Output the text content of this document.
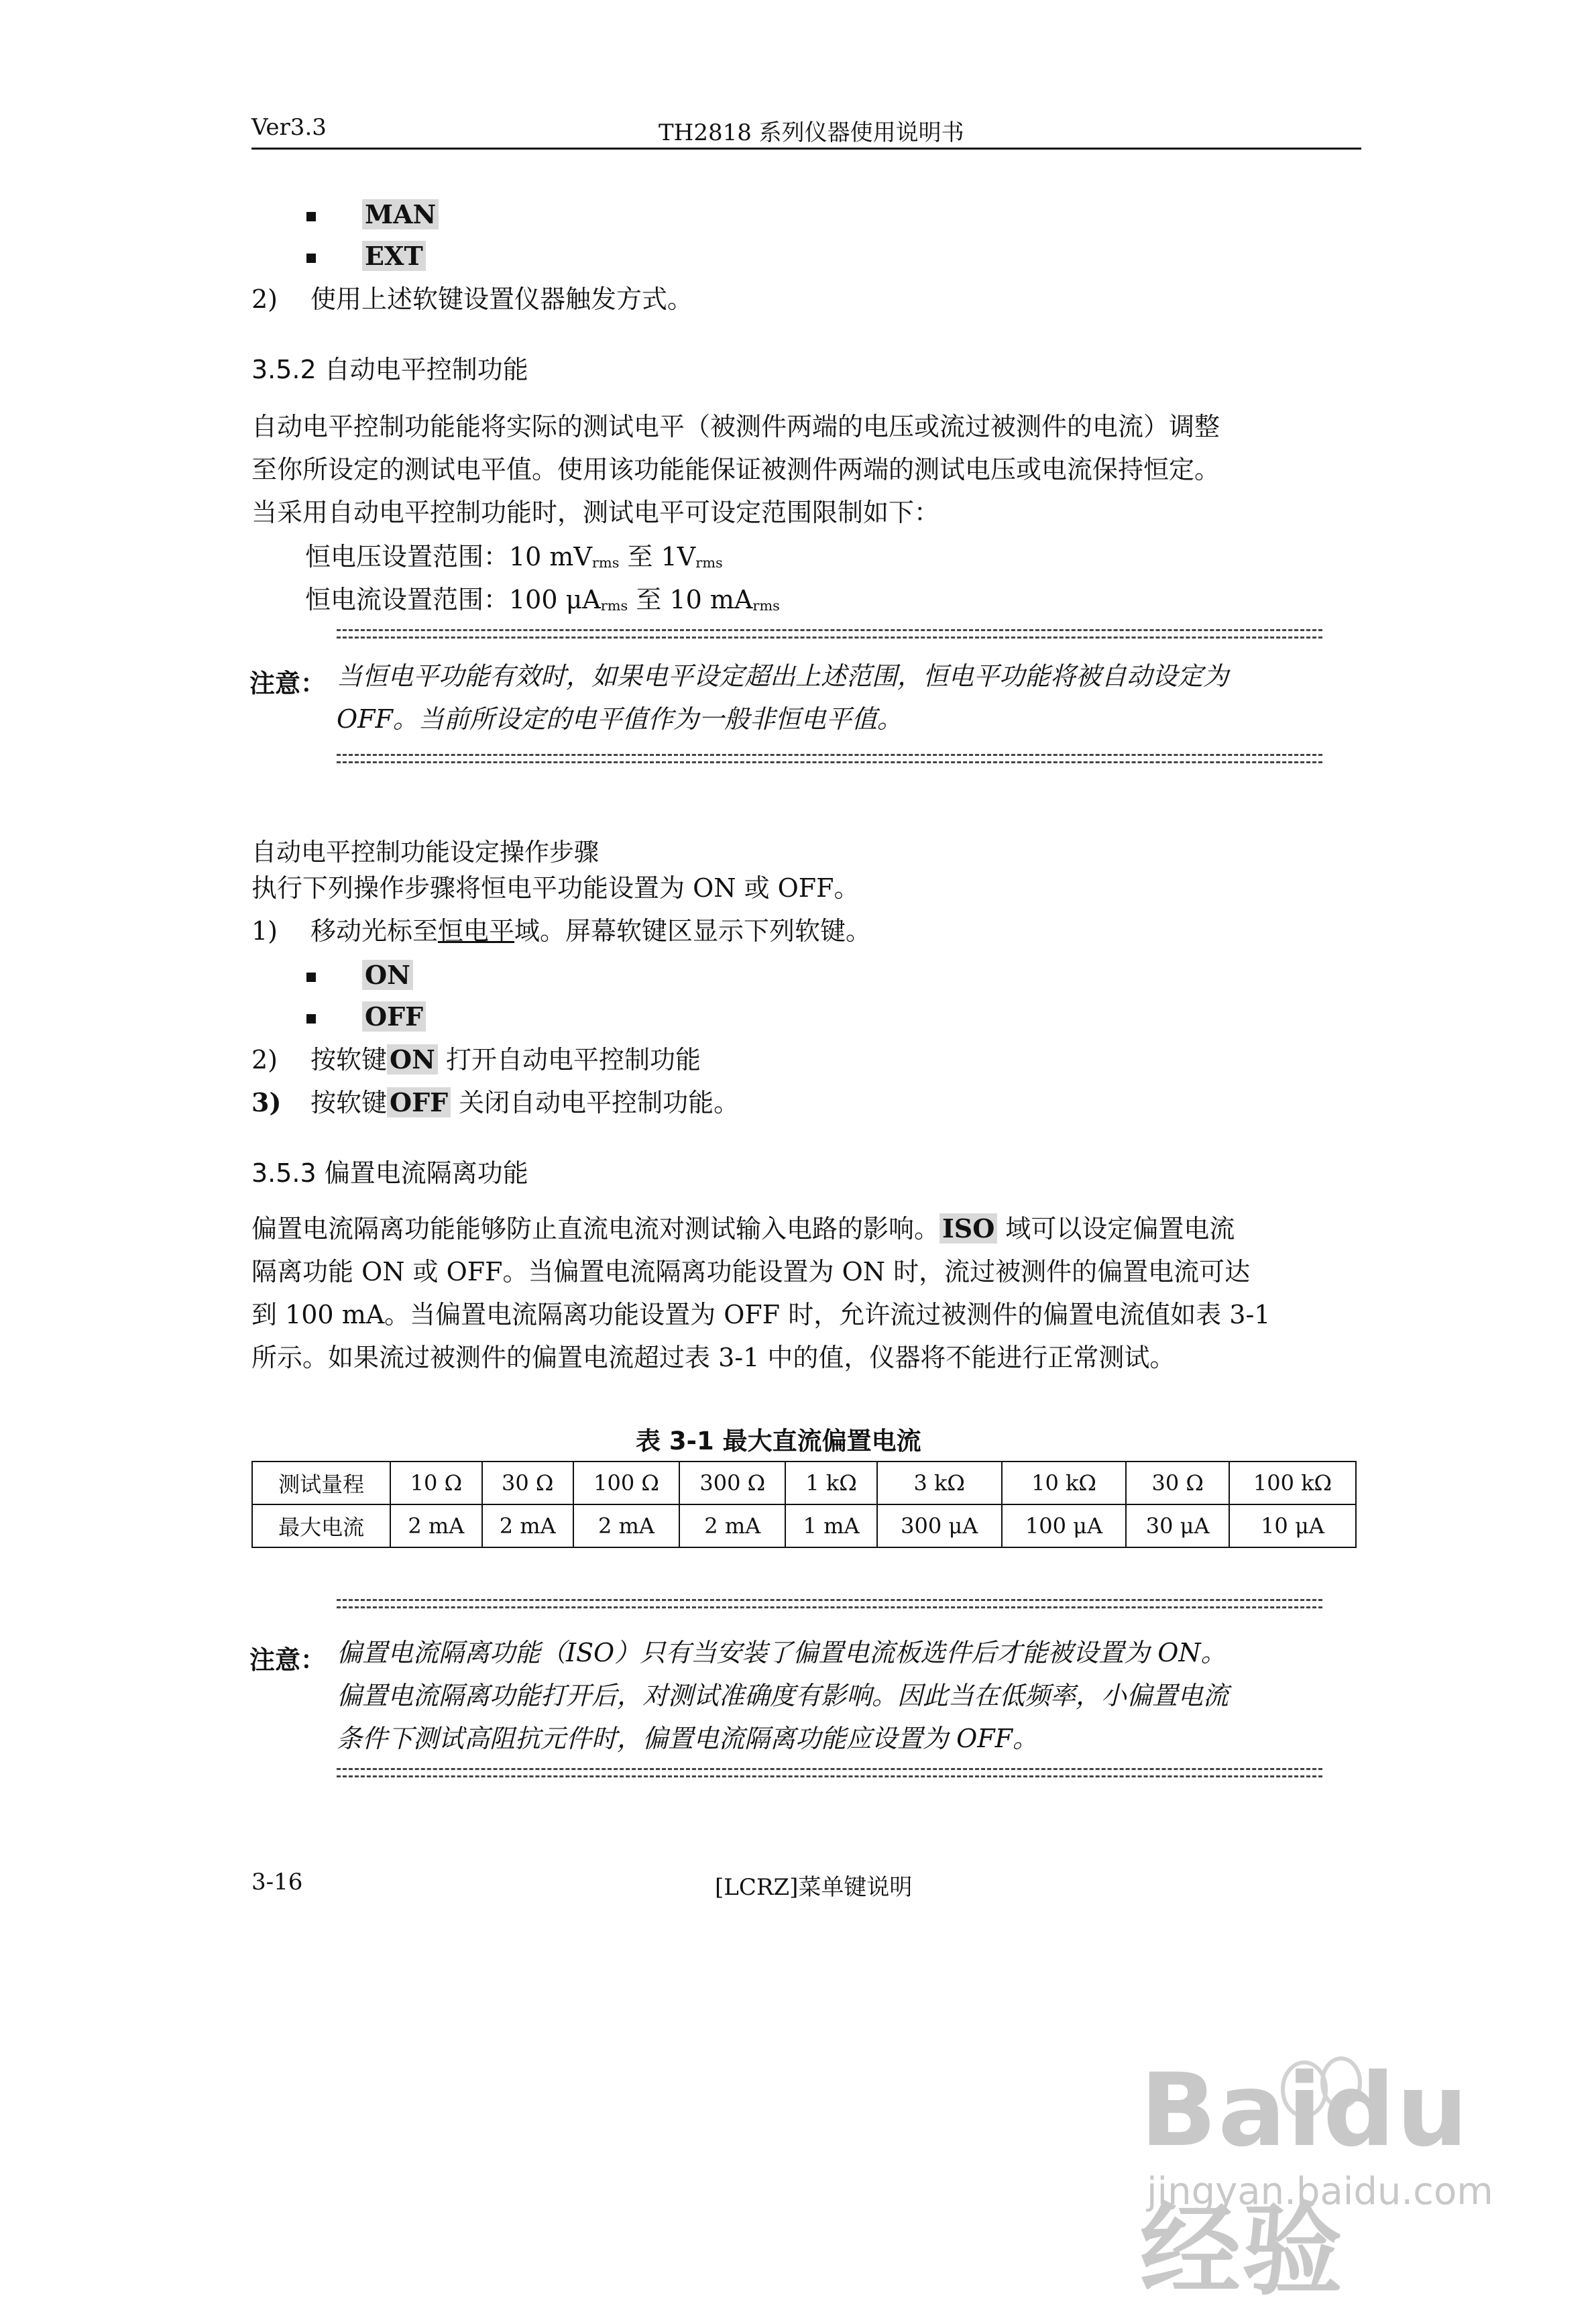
Ver3.3	TH2818 系列仪器使用说明书
MAN
EXT
2) 使用上述软键设置仪器触发方式。
3.5.2 自动电平控制功能
自动电平控制功能能将实际的测试电平（被测件两端的电压或流过被测件的电流）调整
至你所设定的测试电平值。使用该功能能保证被测件两端的测试电压或电流保持恒定。
当采用自动电平控制功能时，测试电平可设定范围限制如下：
恒电压设置范围：10 $mV_{rms}$ 至 $1V_{rms}$
恒电流设置范围：100 $\mu A_{rms}$ 至 10 $mA_{rms}$
注意： 当恒电平功能有效时，如果电平设定超出上述范围，恒电平功能将被自动设定为
OFF。当前所设定的电平值作为一般非恒电平值。
自动电平控制功能设定操作步骤
执行下列操作步骤将恒电平功能设置为 ON 或 OFF。
1) 移动光标至恒电平域。屏幕软键区显示下列软键。
ON
OFF
2) 按软键 ON 打开自动电平控制功能
3) 按软键 OFF 关闭自动电平控制功能。
3.5.3 偏置电流隔离功能
偏置电流隔离功能能够防止直流电流对测试输入电路的影响。 ISO 域可以设定偏置电流
隔离功能 ON 或 OFF。当偏置电流隔离功能设置为 ON 时，流过被测件的偏置电流可达
到 100 mA。当偏置电流隔离功能设置为 OFF 时，允许流过被测件的偏置电流值如表 3-1
所示。如果流过被测件的偏置电流超过表 3-1 中的值，仪器将不能进行正常测试。
表 3-1 最大直流偏置电流
测试量程	10 Ω	30 Ω	100 Ω	300 Ω	1 kΩ	3 kΩ	10 kΩ	30 Ω	100 kΩ
最大电流	2 mA	2 mA	2 mA	2 mA	1 mA	300 μA	100 μA	30 μA	10 μA
注意： 偏置电流隔离功能（ISO）只有当安装了偏置电流板选件后才能被设置为 ON。
偏置电流隔离功能打开后，对测试准确度有影响。因此当在低频率，小偏置电流
条件下测试高阻抗元件时，偏置电流隔离功能应设置为 OFF。
3-16	[LCRZ]菜单键说明
Baidu经验
jingyan.baidu.com
